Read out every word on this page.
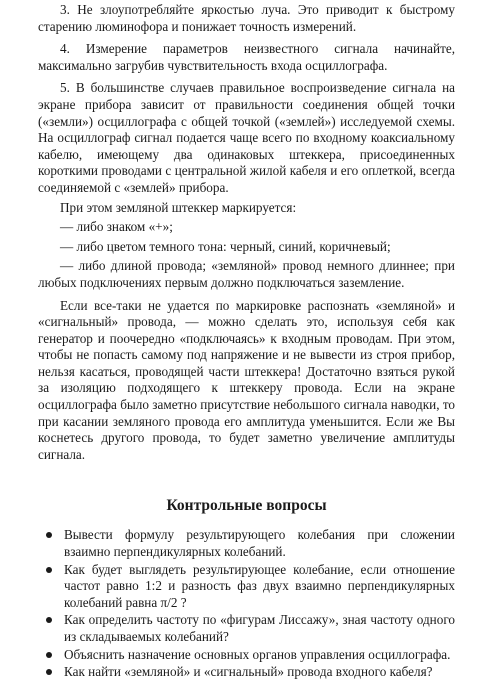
3. Не злоупотребляйте яркостью луча. Это приводит к быстрому старению люминофора и понижает точность измерений.

4. Измерение параметров неизвестного сигнала начинайте, максимально загрубив чувствительность входа осциллографа.

5. В большинстве случаев правильное воспроизведение сигнала на экране прибора зависит от правильности соединения общей точки («земли») осциллографа с общей точкой («землей») исследуемой схемы. На осциллограф сигнал подается чаще всего по входному коаксиальному кабелю, имеющему два одинаковых штеккера, присоединенных короткими проводами с центральной жилой кабеля и его оплеткой, всегда соединяемой с «землей» прибора.

При этом земляной штеккер маркируется:

— либо знаком «+»;

— либо цветом темного тона: черный, синий, коричневый;

— либо длиной провода; «земляной» провод немного длиннее; при любых подключениях первым должно подключаться заземление.

Если все-таки не удается по маркировке распознать «земляной» и «сигнальный» провода, — можно сделать это, используя себя как генератор и поочередно «подключаясь» к входным проводам. При этом, чтобы не попасть самому под напряжение и не вывести из строя прибор, нельзя касаться, проводящей части штеккера! Достаточно взяться рукой за изоляцию подходящего к штеккеру провода. Если на экране осциллографа было заметно присутствие небольшого сигнала наводки, то при касании земляного провода его амплитуда уменьшится. Если же Вы коснетесь другого провода, то будет заметно увеличение амплитуды сигнала.

Контрольные вопросы
Вывести формулу результирующего колебания при сложении взаимно перпендикулярных колебаний.
Как будет выглядеть результирующее колебание, если отношение частот равно 1:2 и разность фаз двух взаимно перпендикулярных колебаний равна π/2 ?
Как определить частоту по «фигурам Лиссажу», зная частоту одного из складываемых колебаний?
Объяснить назначение основных органов управления осциллографа.
Как найти «земляной» и «сигнальный» провода входного кабеля?
